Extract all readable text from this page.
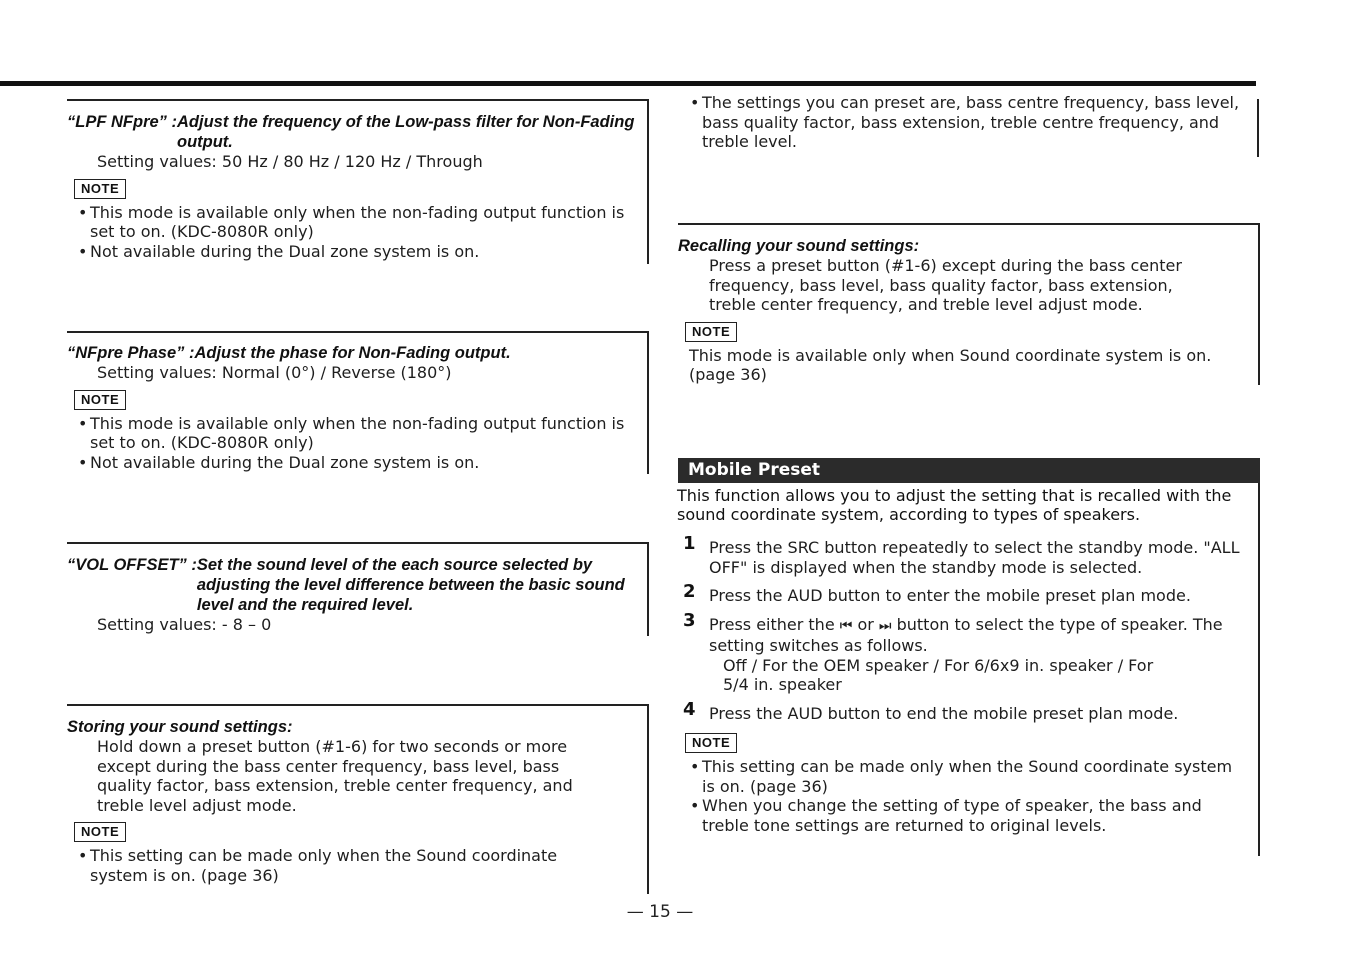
“LPF NFpre” : Adjust the frequency of the Low-pass filter for Non-Fading output.

Setting values: 50 Hz / 80 Hz / 120 Hz / Through

NOTE
• This mode is available only when the non-fading output function is set to on. (KDC-8080R only)
• Not available during the Dual zone system is on.
“NFpre Phase” : Adjust the phase for Non-Fading output.

Setting values: Normal (0°) / Reverse (180°)

NOTE
• This mode is available only when the non-fading output function is set to on. (KDC-8080R only)
• Not available during the Dual zone system is on.
“VOL OFFSET” : Set the sound level of the each source selected by adjusting the level difference between the basic sound level and the required level.

Setting values: - 8 – 0

Storing your sound settings:

Hold down a preset button (#1-6) for two seconds or more except during the bass center frequency, bass level, bass quality factor, bass extension, treble center frequency, and treble level adjust mode.

NOTE
• This setting can be made only when the Sound coordinate system is on. (page 36)
• The settings you can preset are, bass centre frequency, bass level, bass quality factor, bass extension, treble centre frequency, and treble level.

Recalling your sound settings:

Press a preset button (#1-6) except during the bass center frequency, bass level, bass quality factor, bass extension, treble center frequency, and treble level adjust mode.

NOTE

This mode is available only when Sound coordinate system is on. (page 36)

Mobile Preset

This function allows you to adjust the setting that is recalled with the sound coordinate system, according to types of speakers.

1 Press the SRC button repeatedly to select the standby mode. "ALL OFF" is displayed when the standby mode is selected.
2 Press the AUD button to enter the mobile preset plan mode.
3 Press either the ⏮ or ⏭ button to select the type of speaker. The setting switches as follows.
Off / For the OEM speaker / For 6/6x9 in. speaker / For 5/4 in. speaker
4 Press the AUD button to end the mobile preset plan mode.
NOTE
• This setting can be made only when the Sound coordinate system is on. (page 36)
• When you change the setting of type of speaker, the bass and treble tone settings are returned to original levels.
— 15 —
